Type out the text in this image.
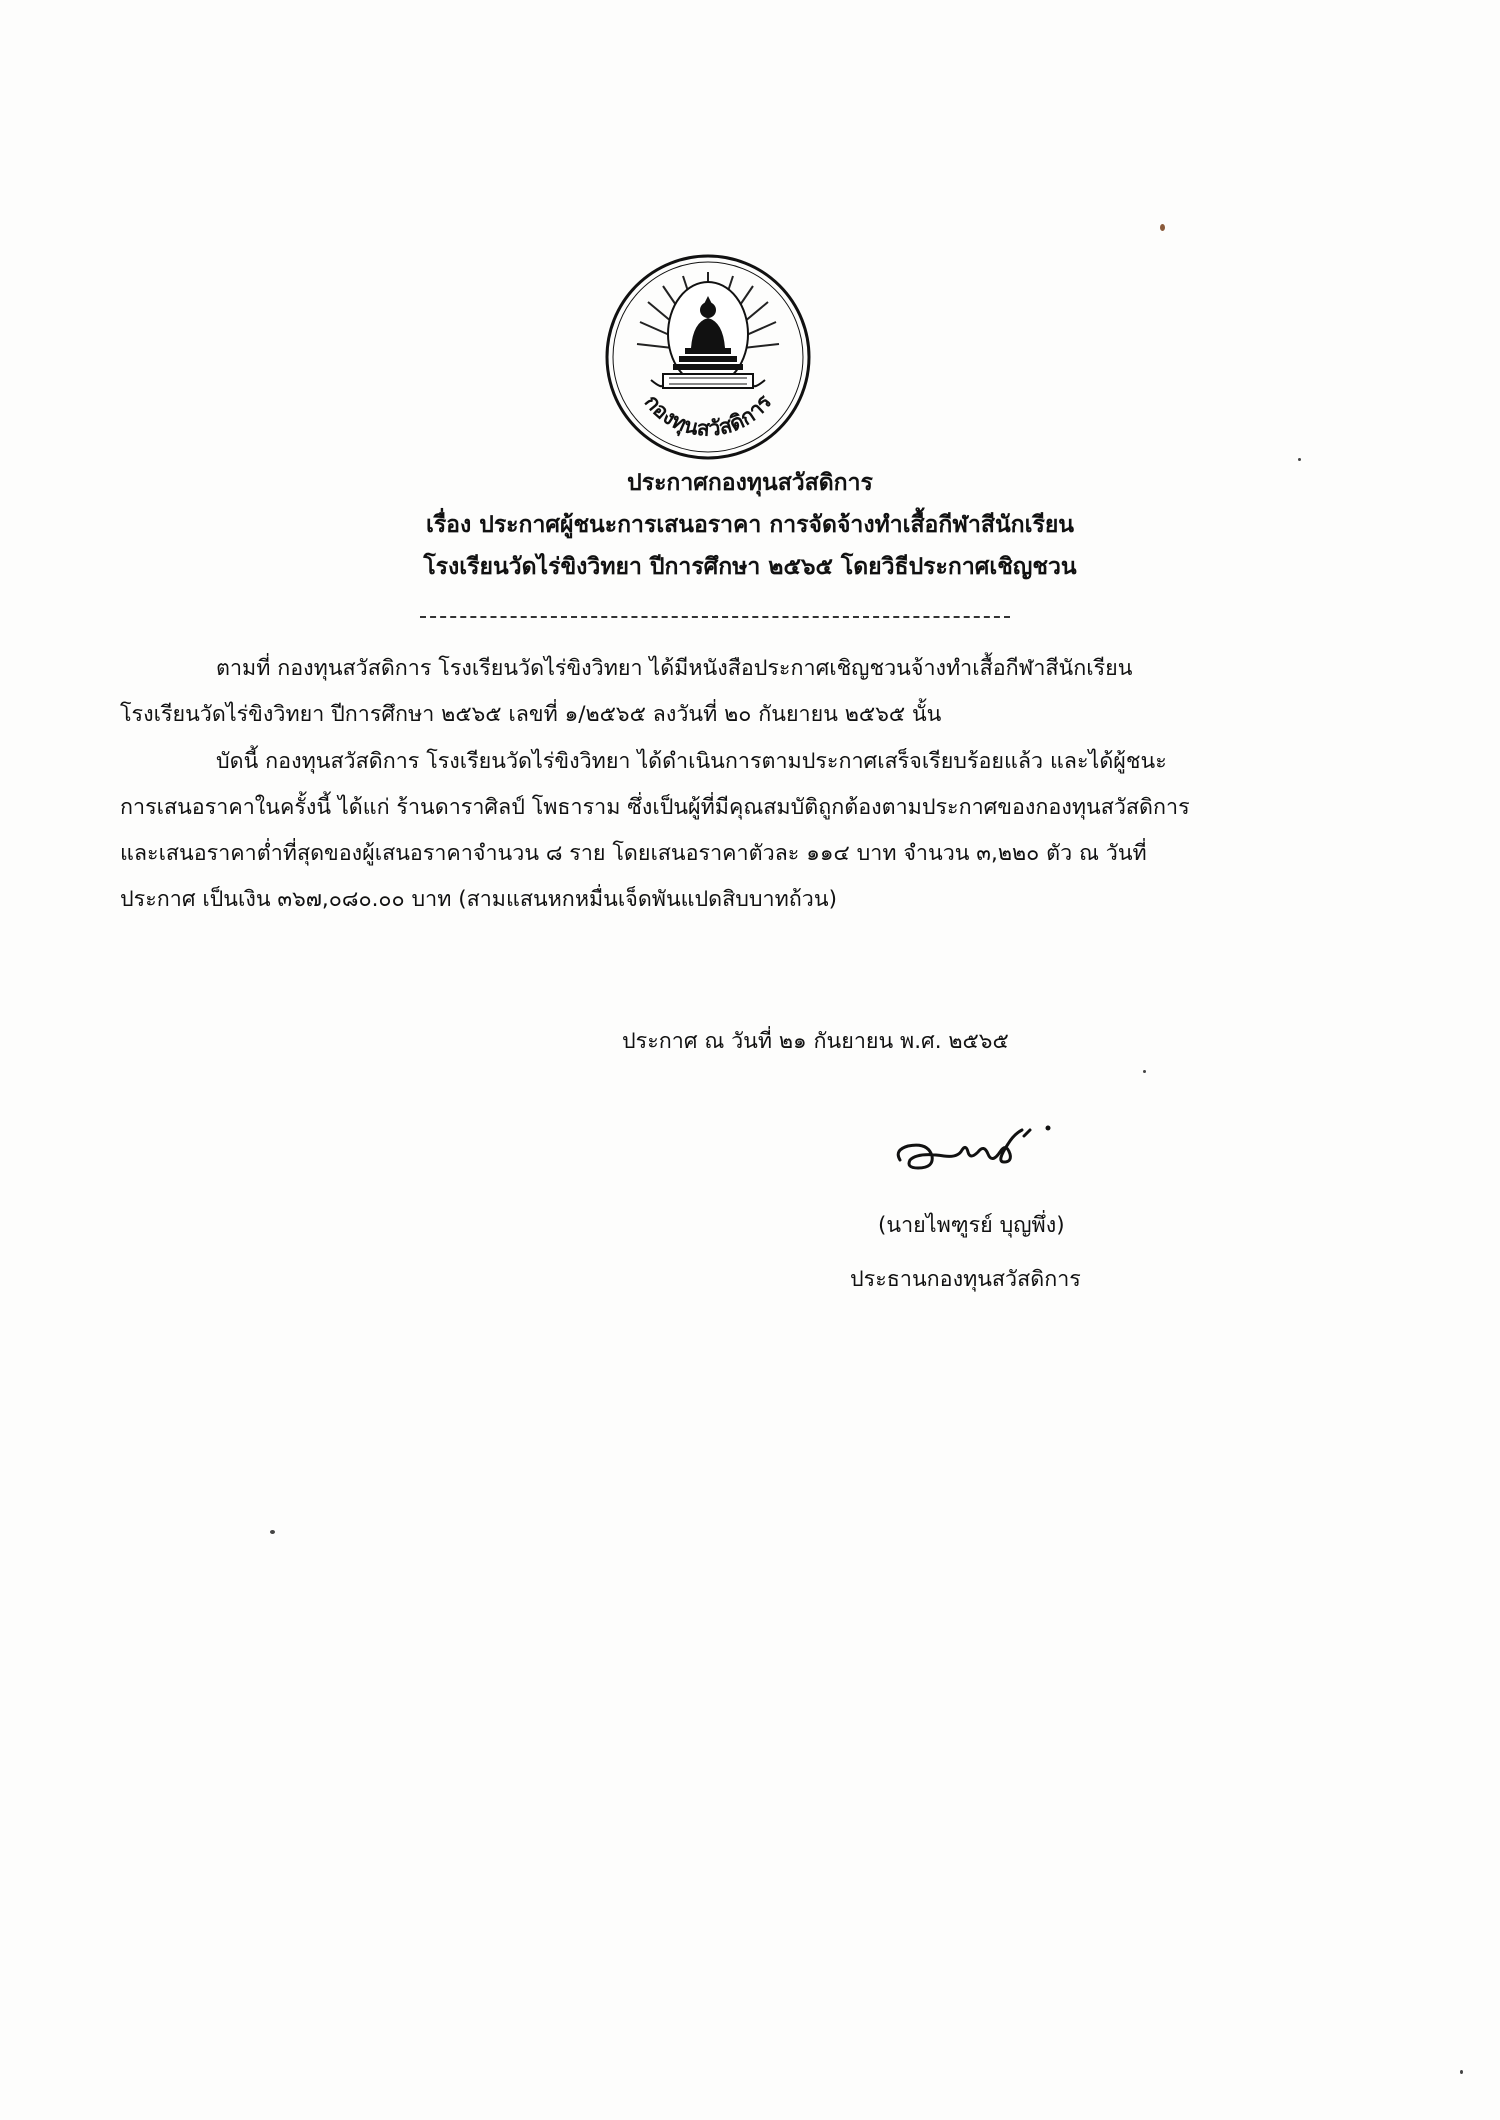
กองทุนสวัสดิการ
ประกาศกองทุนสวัสดิการ
เรื่อง ประกาศผู้ชนะการเสนอราคา การจัดจ้างทำเสื้อกีฬาสีนักเรียน
โรงเรียนวัดไร่ขิงวิทยา ปีการศึกษา ๒๕๖๕ โดยวิธีประกาศเชิญชวน
ตามที่ กองทุนสวัสดิการ โรงเรียนวัดไร่ขิงวิทยา ได้มีหนังสือประกาศเชิญชวนจ้างทำเสื้อกีฬาสีนักเรียน
โรงเรียนวัดไร่ขิงวิทยา ปีการศึกษา ๒๕๖๕ เลขที่ ๑/๒๕๖๕ ลงวันที่ ๒๐ กันยายน ๒๕๖๕ นั้น
บัดนี้ กองทุนสวัสดิการ โรงเรียนวัดไร่ขิงวิทยา ได้ดำเนินการตามประกาศเสร็จเรียบร้อยแล้ว และได้ผู้ชนะ
การเสนอราคาในครั้งนี้ ได้แก่ ร้านดาราศิลป์ โพธาราม ซึ่งเป็นผู้ที่มีคุณสมบัติถูกต้องตามประกาศของกองทุนสวัสดิการ
และเสนอราคาต่ำที่สุดของผู้เสนอราคาจำนวน ๘ ราย โดยเสนอราคาตัวละ ๑๑๔ บาท จำนวน ๓,๒๒๐ ตัว ณ วันที่
ประกาศ เป็นเงิน ๓๖๗,๐๘๐.๐๐ บาท (สามแสนหกหมื่นเจ็ดพันแปดสิบบาทถ้วน)
ประกาศ ณ วันที่ ๒๑ กันยายน พ.ศ. ๒๕๖๕
(นายไพฑูรย์ บุญพึ่ง)
ประธานกองทุนสวัสดิการ
